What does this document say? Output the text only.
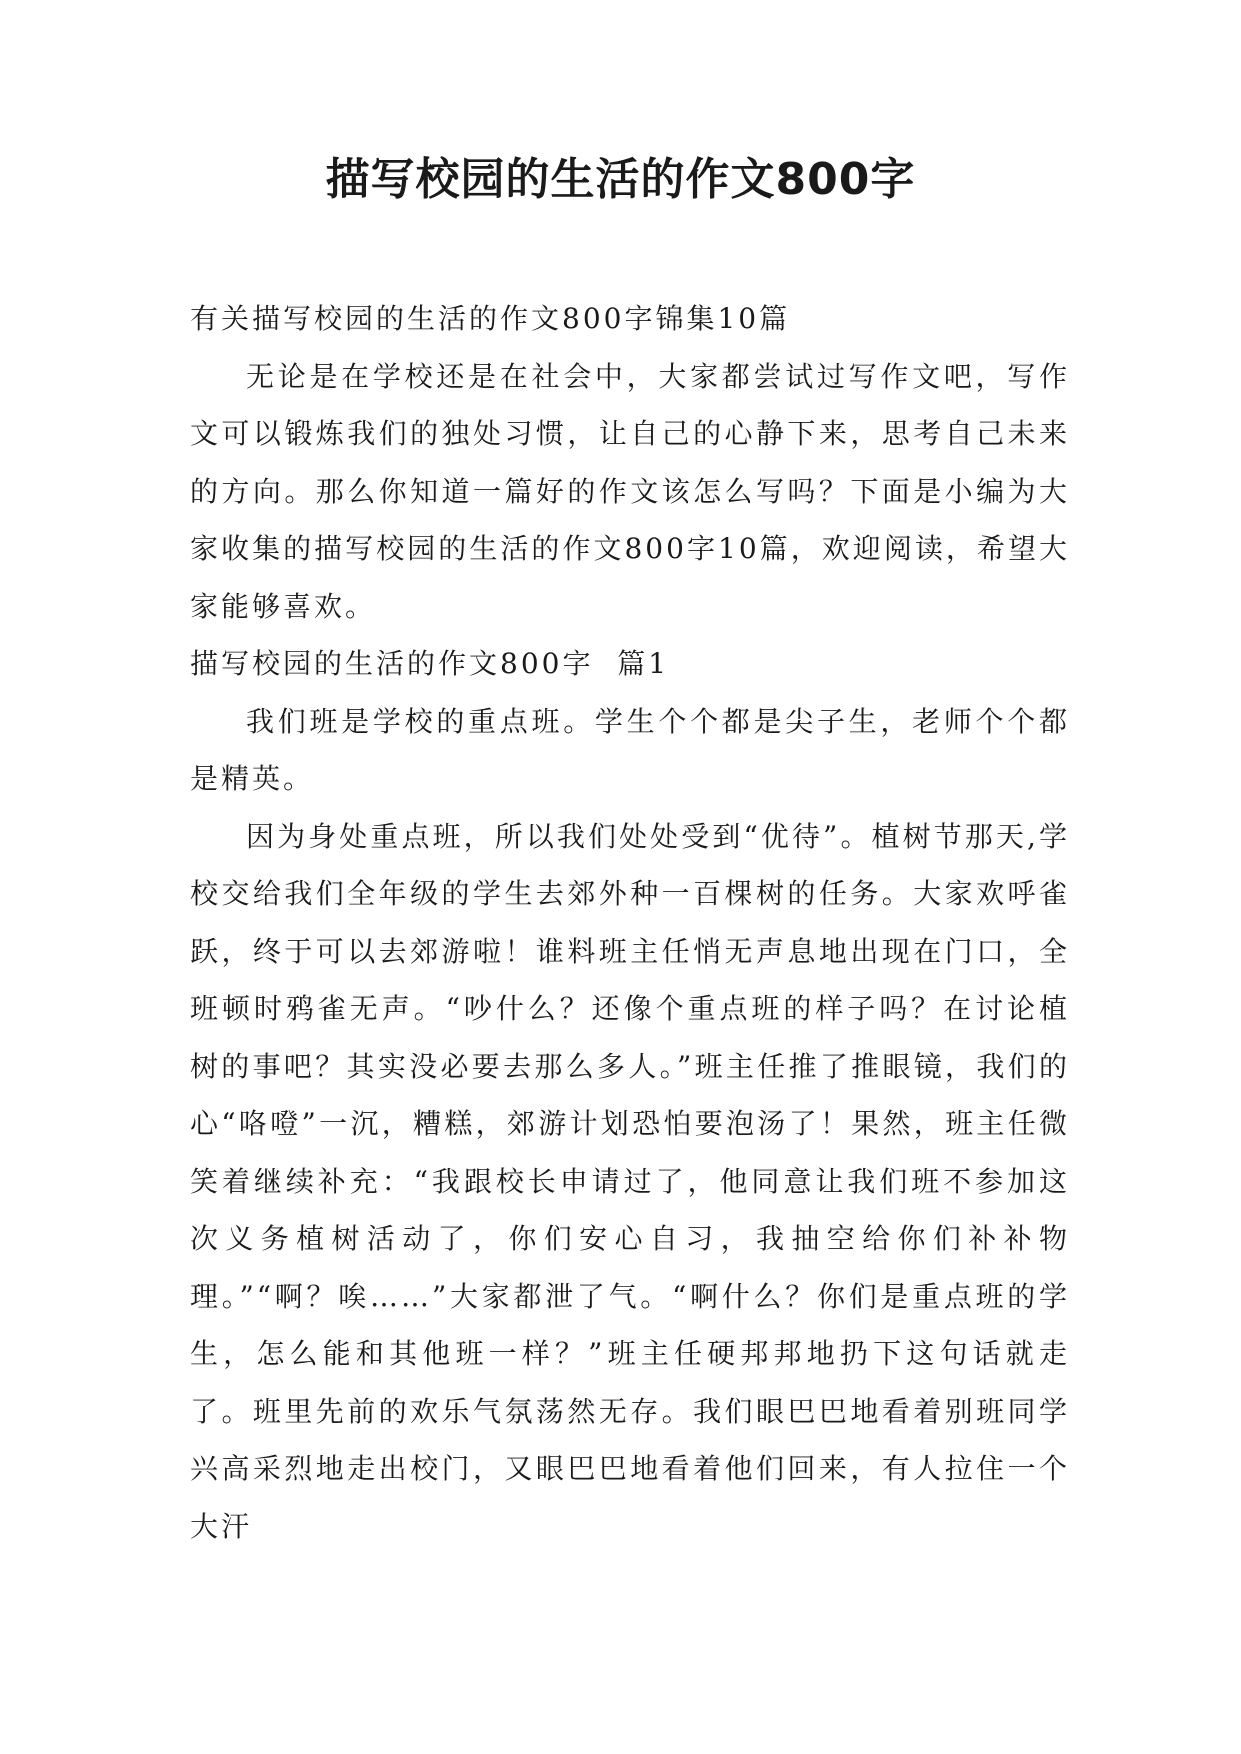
描写校园的生活的作文800字

有关描写校园的生活的作文800字锦集10篇

无论是在学校还是在社会中，大家都尝试过写作文吧，写作文可以锻炼我们的独处习惯，让自己的心静下来，思考自己未来的方向。那么你知道一篇好的作文该怎么写吗？下面是小编为大家收集的描写校园的生活的作文800字10篇，欢迎阅读，希望大家能够喜欢。

描写校园的生活的作文800字  篇1

我们班是学校的重点班。学生个个都是尖子生，老师个个都是精英。

因为身处重点班，所以我们处处受到“优待”。植树节那天,学校交给我们全年级的学生去郊外种一百棵树的任务。大家欢呼雀跃，终于可以去郊游啦！谁料班主任悄无声息地出现在门口，全班顿时鸦雀无声。“吵什么？还像个重点班的样子吗？在讨论植树的事吧？其实没必要去那么多人。”班主任推了推眼镜，我们的心“咯噔”一沉，糟糕，郊游计划恐怕要泡汤了！果然，班主任微笑着继续补充：“我跟校长申请过了，他同意让我们班不参加这次义务植树活动了，你们安心自习，我抽空给你们补补物理。”“啊？唉……”大家都泄了气。“啊什么？你们是重点班的学生，怎么能和其他班一样？”班主任硬邦邦地扔下这句话就走了。班里先前的欢乐气氛荡然无存。我们眼巴巴地看着别班同学兴高采烈地走出校门，又眼巴巴地看着他们回来，有人拉住一个大汗
